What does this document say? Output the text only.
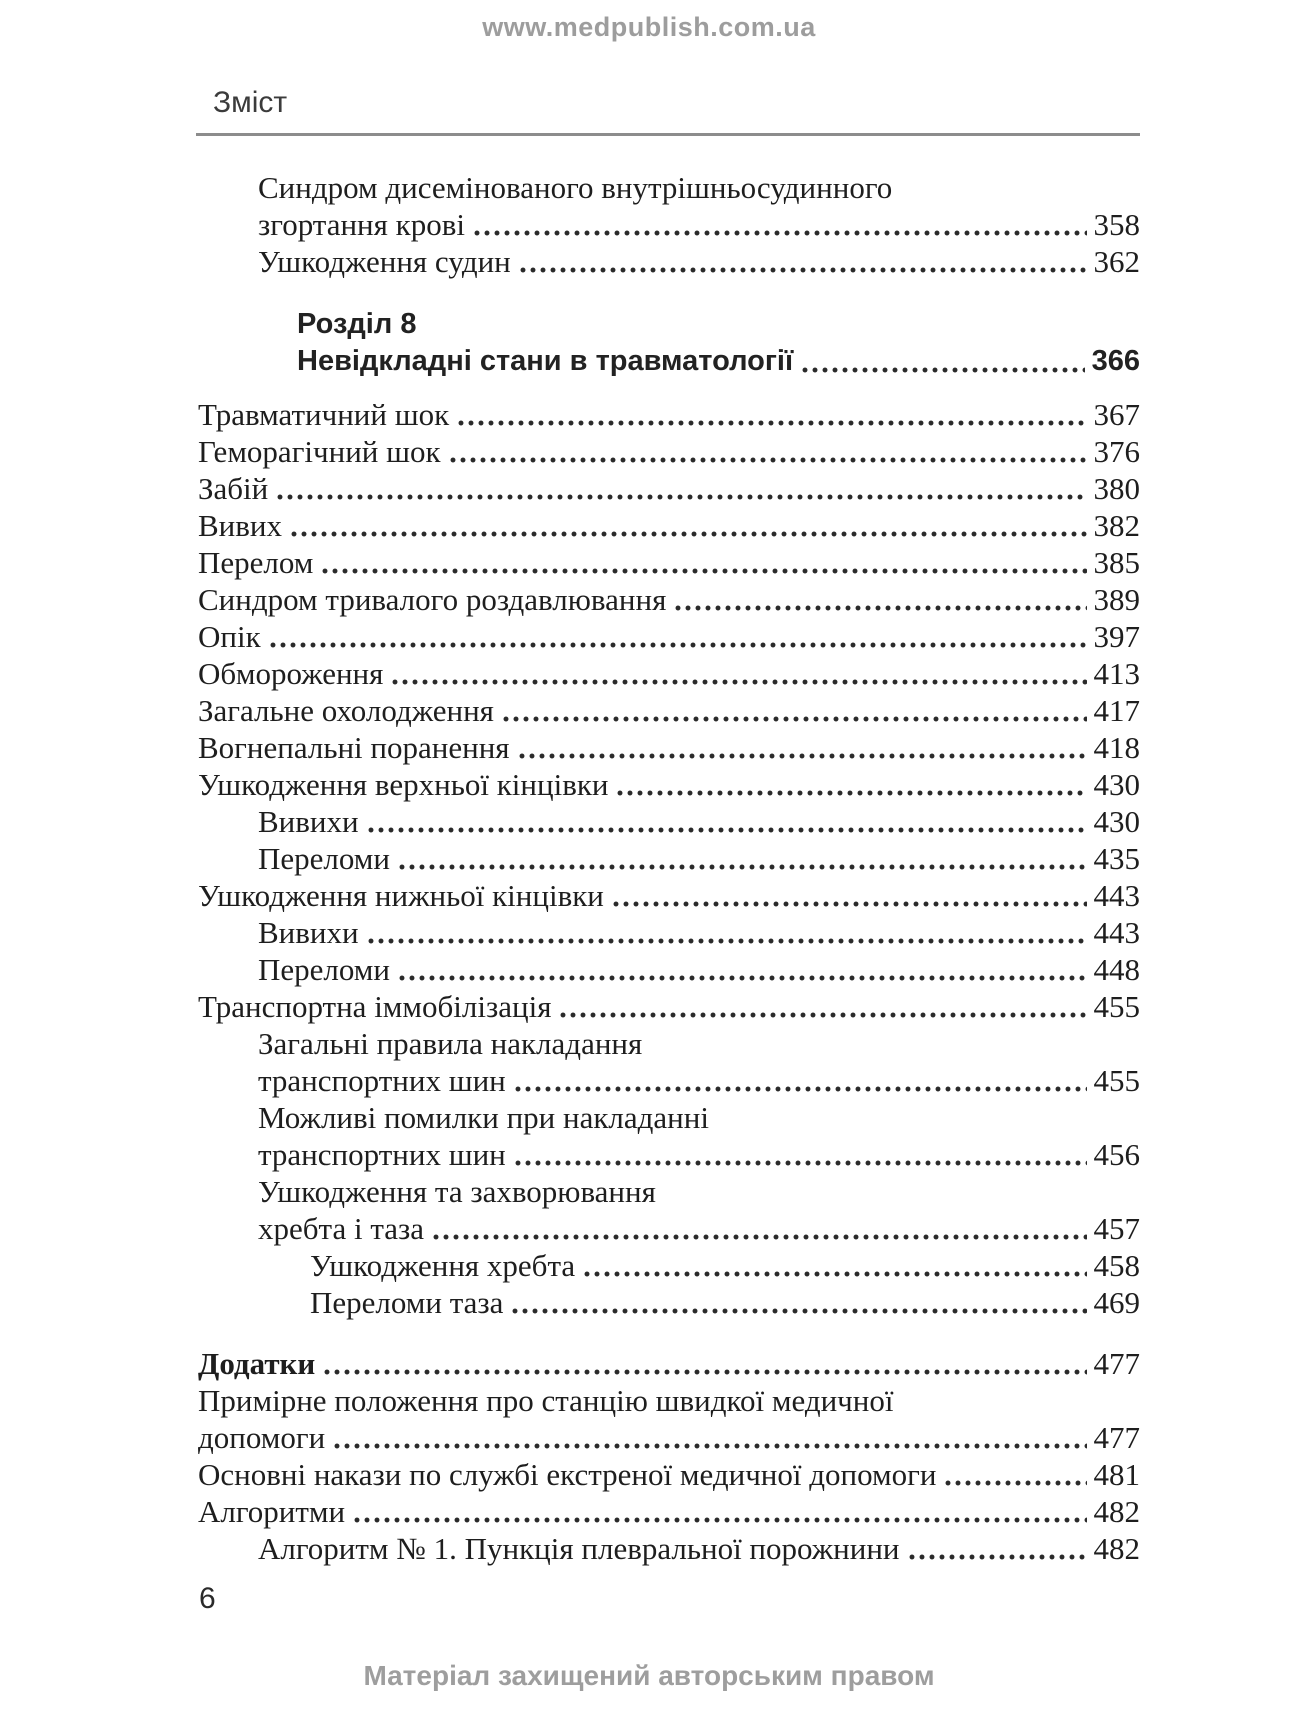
www.medpublish.com.ua
Зміст
Синдром дисемінованого внутрішньосудинного
згортання крові	358
Ушкодження судин	362
Розділ 8
Невідкладні стани в травматології	366
Травматичний шок	367
Геморагічний шок	376
Забій	380
Вивих	382
Перелом	385
Синдром тривалого роздавлювання	389
Опік	397
Обмороження	413
Загальне охолодження	417
Вогнепальні поранення	418
Ушкодження верхньої кінцівки	430
Вивихи	430
Переломи	435
Ушкодження нижньої кінцівки	443
Вивихи	443
Переломи	448
Транспортна іммобілізація	455
Загальні правила накладання
транспортних шин	455
Можливі помилки при накладанні
транспортних шин	456
Ушкодження та захворювання
хребта і таза	457
Ушкодження хребта	458
Переломи таза	469
Додатки	477
Примірне положення про станцію швидкої медичної
допомоги	477
Основні накази по службі екстреної медичної допомоги	481
Алгоритми	482
Алгоритм № 1. Пункція плевральної порожнини	482
6
Матеріал захищений авторським правом
